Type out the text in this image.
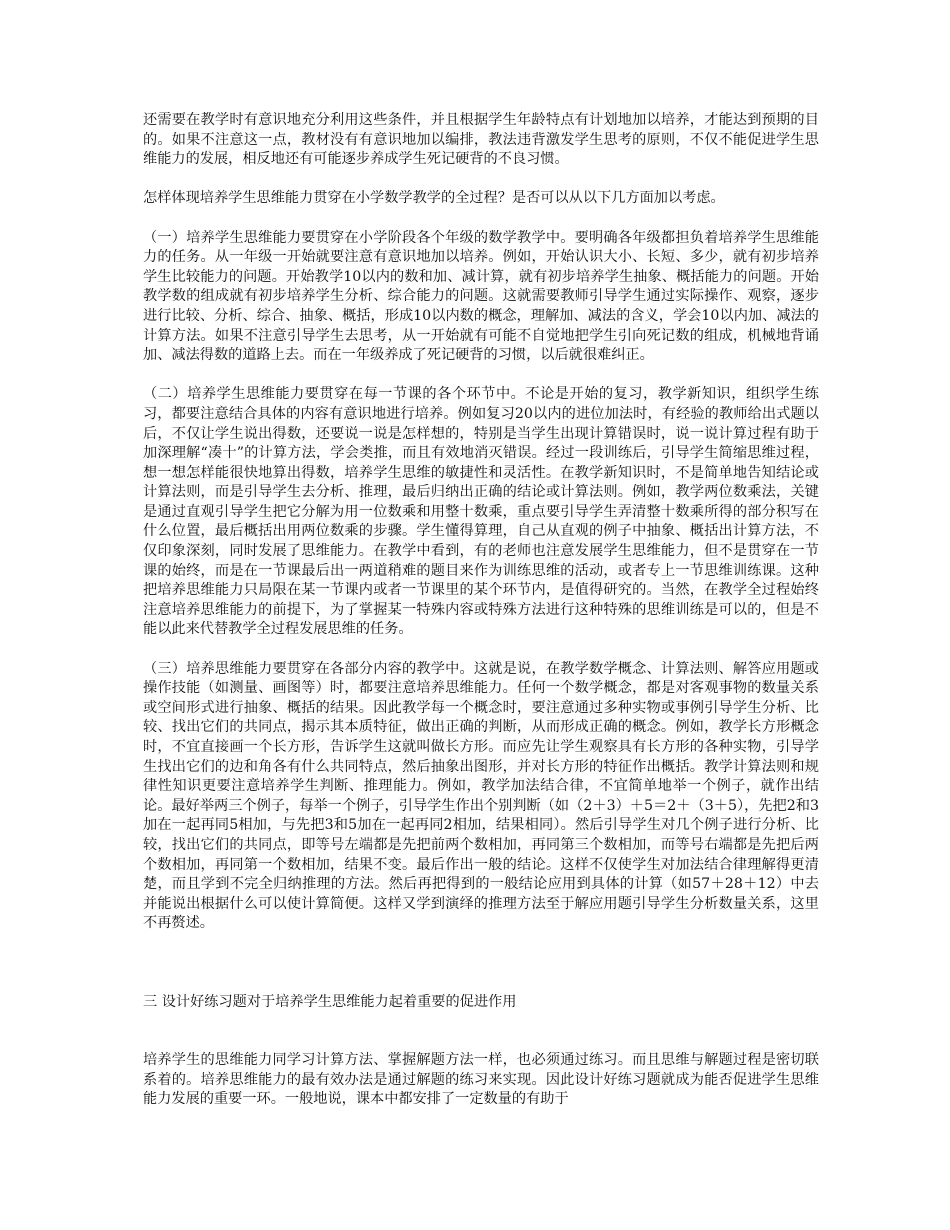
还需要在教学时有意识地充分利用这些条件，并且根据学生年龄特点有计划地加以培养，才能达到预期的目的。如果不注意这一点，教材没有有意识地加以编排，教法违背激发学生思考的原则，不仅不能促进学生思维能力的发展，相反地还有可能逐步养成学生死记硬背的不良习惯。

怎样体现培养学生思维能力贯穿在小学数学教学的全过程？是否可以从以下几方面加以考虑。

（一）培养学生思维能力要贯穿在小学阶段各个年级的数学教学中。要明确各年级都担负着培养学生思维能力的任务。从一年级一开始就要注意有意识地加以培养。例如，开始认识大小、长短、多少，就有初步培养学生比较能力的问题。开始教学10以内的数和加、减计算，就有初步培养学生抽象、概括能力的问题。开始教学数的组成就有初步培养学生分析、综合能力的问题。这就需要教师引导学生通过实际操作、观察，逐步进行比较、分析、综合、抽象、概括，形成10以内数的概念，理解加、减法的含义，学会10以内加、减法的计算方法。如果不注意引导学生去思考，从一开始就有可能不自觉地把学生引向死记数的组成，机械地背诵加、减法得数的道路上去。而在一年级养成了死记硬背的习惯，以后就很难纠正。

（二）培养学生思维能力要贯穿在每一节课的各个环节中。不论是开始的复习，教学新知识，组织学生练习，都要注意结合具体的内容有意识地进行培养。例如复习20以内的进位加法时，有经验的教师给出式题以后，不仅让学生说出得数，还要说一说是怎样想的，特别是当学生出现计算错误时，说一说计算过程有助于加深理解“凑十”的计算方法，学会类推，而且有效地消灭错误。经过一段训练后，引导学生简缩思维过程，想一想怎样能很快地算出得数，培养学生思维的敏捷性和灵活性。在教学新知识时，不是简单地告知结论或计算法则，而是引导学生去分析、推理，最后归纳出正确的结论或计算法则。例如，教学两位数乘法，关键是通过直观引导学生把它分解为用一位数乘和用整十数乘，重点要引导学生弄清整十数乘所得的部分积写在什么位置，最后概括出用两位数乘的步骤。学生懂得算理，自己从直观的例子中抽象、概括出计算方法，不仅印象深刻，同时发展了思维能力。在教学中看到，有的老师也注意发展学生思维能力，但不是贯穿在一节课的始终，而是在一节课最后出一两道稍难的题目来作为训练思维的活动，或者专上一节思维训练课。这种把培养思维能力只局限在某一节课内或者一节课里的某个环节内，是值得研究的。当然，在教学全过程始终注意培养思维能力的前提下，为了掌握某一特殊内容或特殊方法进行这种特殊的思维训练是可以的，但是不能以此来代替教学全过程发展思维的任务。

（三）培养思维能力要贯穿在各部分内容的教学中。这就是说，在教学数学概念、计算法则、解答应用题或操作技能（如测量、画图等）时，都要注意培养思维能力。任何一个数学概念，都是对客观事物的数量关系或空间形式进行抽象、概括的结果。因此教学每一个概念时，要注意通过多种实物或事例引导学生分析、比较、找出它们的共同点，揭示其本质特征，做出正确的判断，从而形成正确的概念。例如，教学长方形概念时，不宜直接画一个长方形，告诉学生这就叫做长方形。而应先让学生观察具有长方形的各种实物，引导学生找出它们的边和角各有什么共同特点，然后抽象出图形，并对长方形的特征作出概括。教学计算法则和规律性知识更要注意培养学生判断、推理能力。例如，教学加法结合律，不宜简单地举一个例子，就作出结论。最好举两三个例子，每举一个例子，引导学生作出个别判断（如（2＋3）＋5＝2＋（3＋5），先把2和3加在一起再同5相加，与先把3和5加在一起再同2相加，结果相同）。然后引导学生对几个例子进行分析、比较，找出它们的共同点，即等号左端都是先把前两个数相加，再同第三个数相加，而等号右端都是先把后两个数相加，再同第一个数相加，结果不变。最后作出一般的结论。这样不仅使学生对加法结合律理解得更清楚，而且学到不完全归纳推理的方法。然后再把得到的一般结论应用到具体的计算（如57＋28＋12）中去并能说出根据什么可以使计算简便。这样又学到演绎的推理方法至于解应用题引导学生分析数量关系，这里不再赘述。

三 设计好练习题对于培养学生思维能力起着重要的促进作用

培养学生的思维能力同学习计算方法、掌握解题方法一样，也必须通过练习。而且思维与解题过程是密切联系着的。培养思维能力的最有效办法是通过解题的练习来实现。因此设计好练习题就成为能否促进学生思维能力发展的重要一环。一般地说，课本中都安排了一定数量的有助于
